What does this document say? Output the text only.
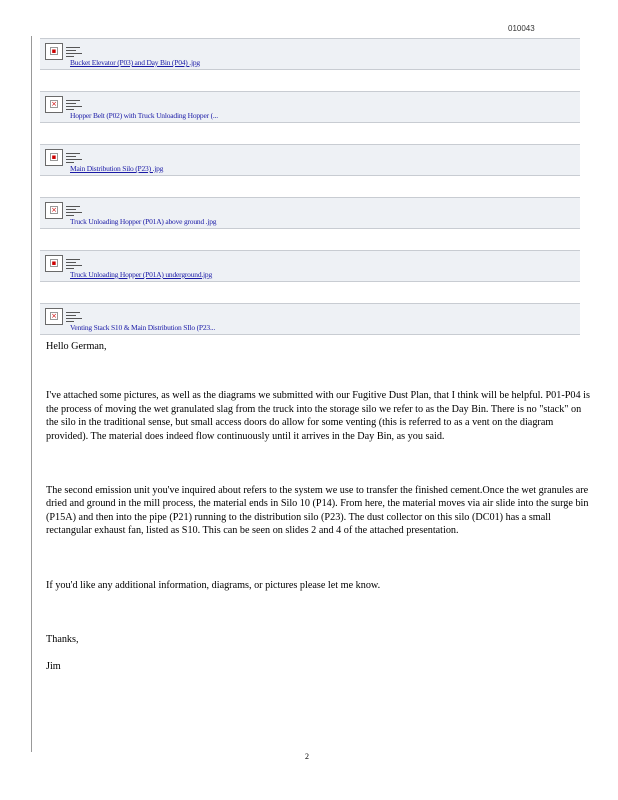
010043
▪
Bucket Elevator (P03) and Day Bin (P04) .jpg
×
Hopper Belt (P02) with Truck Unloading Hopper (...
▪
Main Distribution Silo (P23) .jpg
×
Truck Unloading Hopper (P01A) above ground .jpg
▪
Truck Unloading Hopper (P01A) underground.jpg
×
Venting Stack S10 & Main Distribution SIlo (P23...

Hello German,

I've attached some pictures, as well as the diagrams we submitted with our Fugitive Dust Plan, that I think will be helpful. P01-P04 is the process of moving the wet granulated slag from the truck into the storage silo we refer to as the Day Bin. There is no "stack" on the silo in the traditional sense, but small access doors do allow for some venting (this is referred to as a vent on the diagram provided). The material does indeed flow continuously until it arrives in the Day Bin, as you said.

The second emission unit you've inquired about refers to the system we use to transfer the finished cement.Once the wet granules are dried and ground in the mill process, the material ends in Silo 10 (P14). From here, the material moves via air slide into the surge bin (P15A) and then into the pipe (P21) running to the distribution silo (P23). The dust collector on this silo (DC01) has a small rectangular exhaust fan, listed as S10. This can be seen on slides 2 and 4 of the attached presentation.

If you'd like any additional information, diagrams, or pictures please let me know.

Thanks,

Jim

2
